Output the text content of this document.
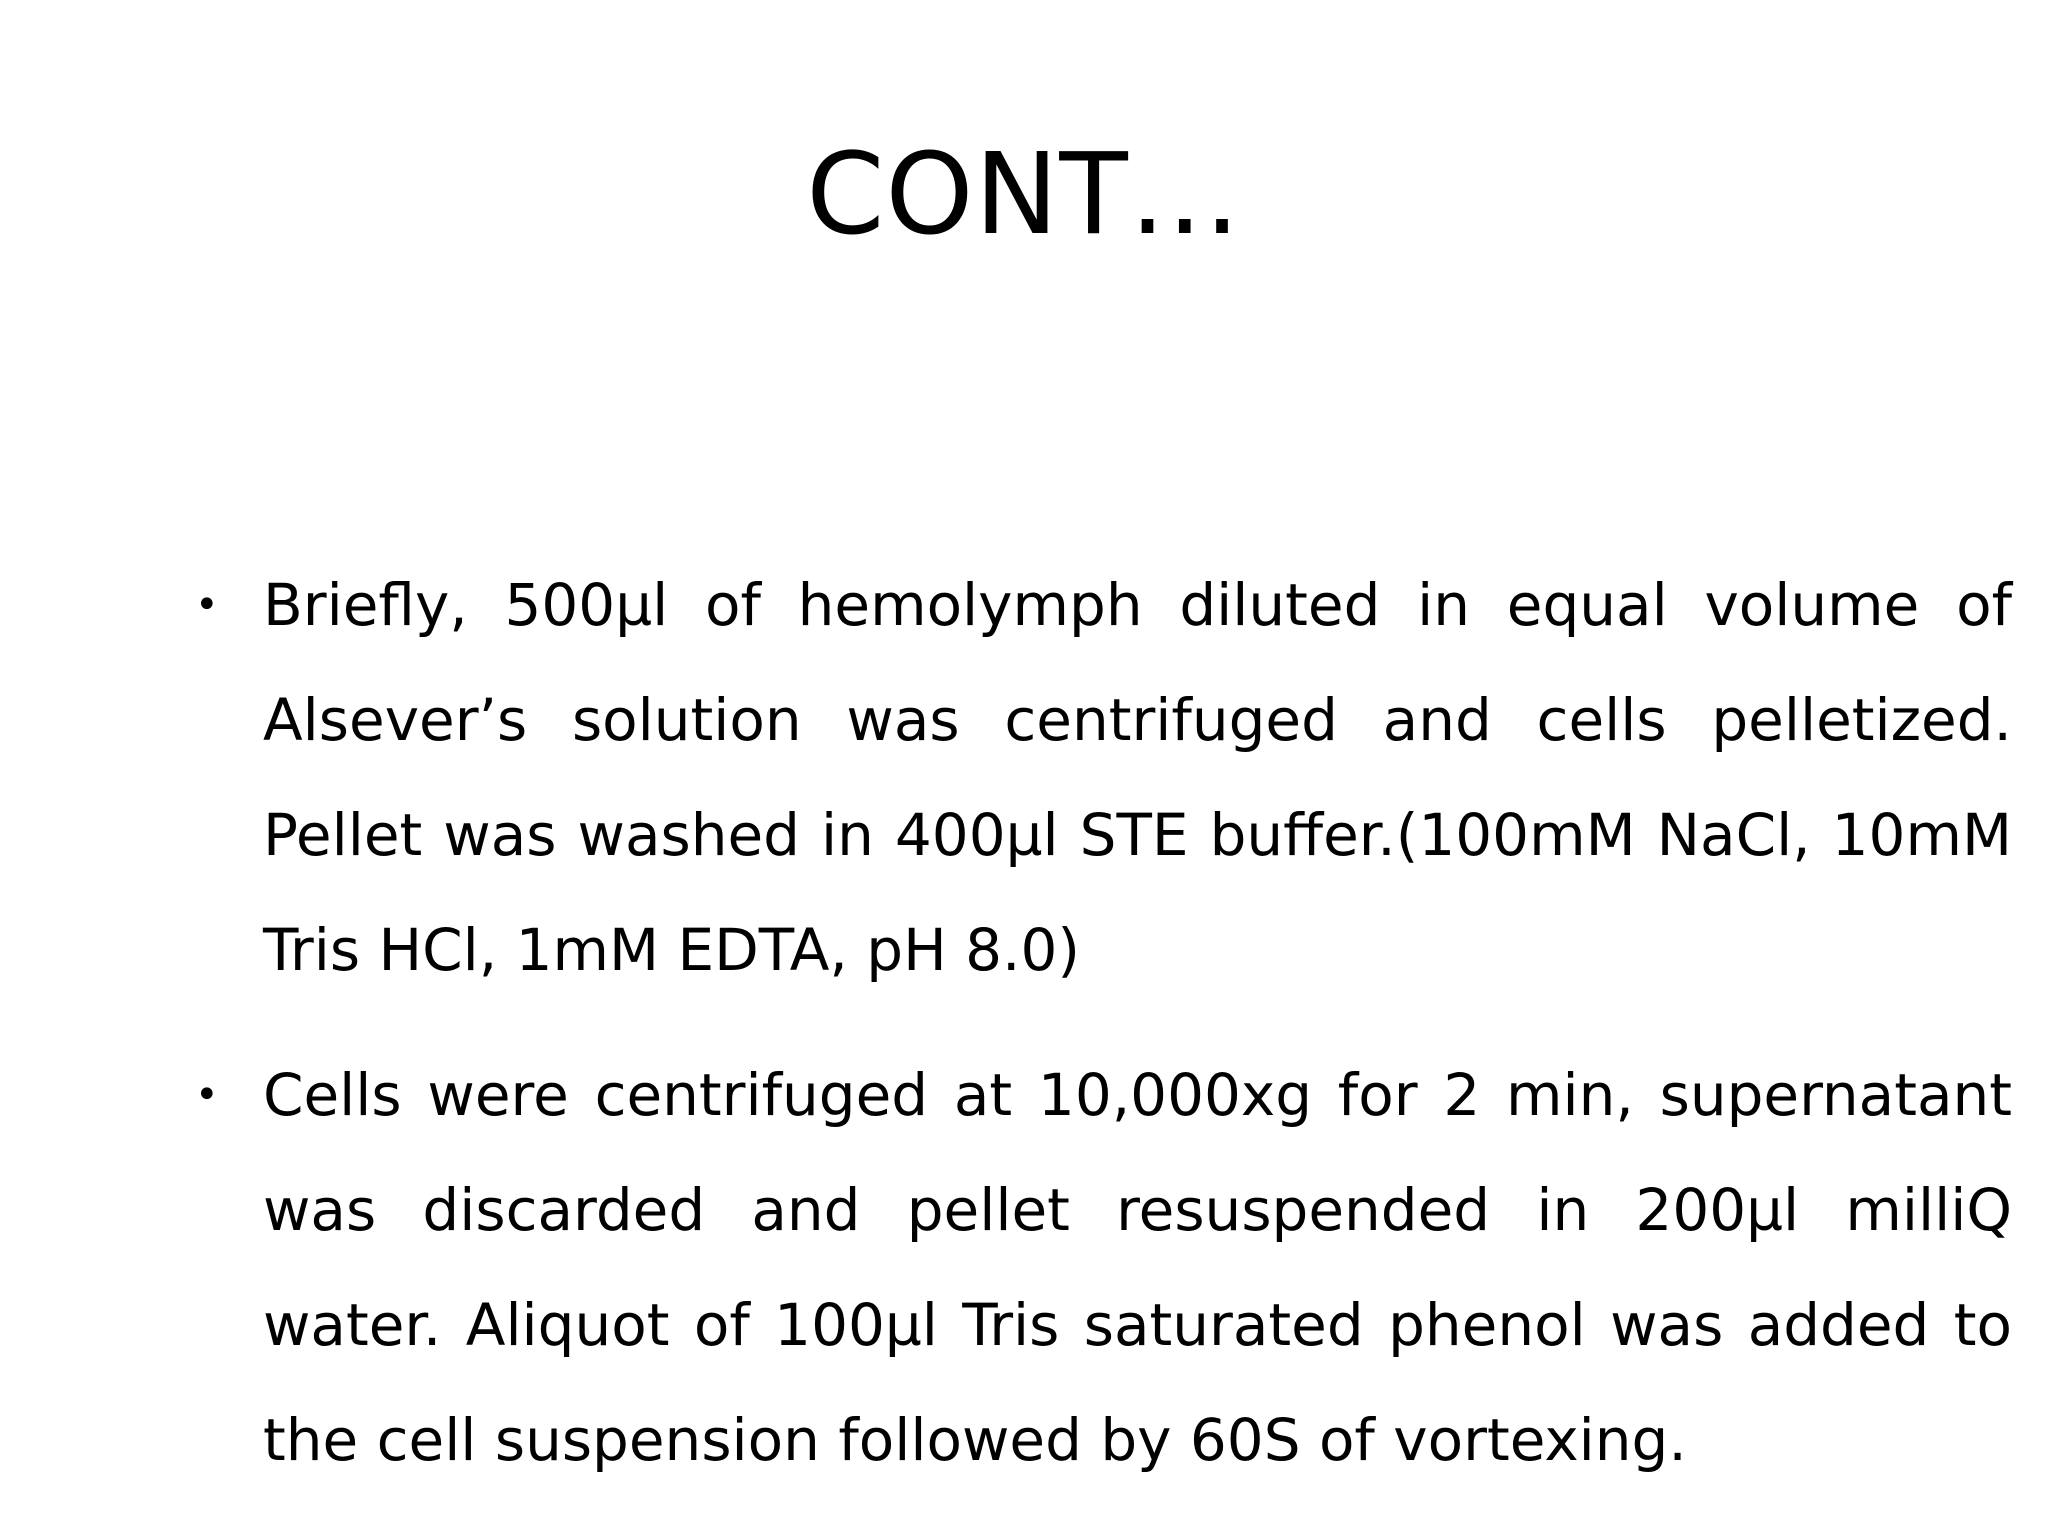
CONT…
• Briefly, 500µl of hemolymph diluted in equal volume of Alsever’s solution was centrifuged and cells pelletized. Pellet was washed in 400µl STE buffer.(100mM NaCl, 10mM Tris HCl, 1mM EDTA, pH 8.0)
• Cells were centrifuged at 10,000xg for 2 min, supernatant was discarded and pellet resuspended in 200µl milliQ water. Aliquot of 100µl Tris saturated phenol was added to the cell suspension followed by 60S of vortexing.
